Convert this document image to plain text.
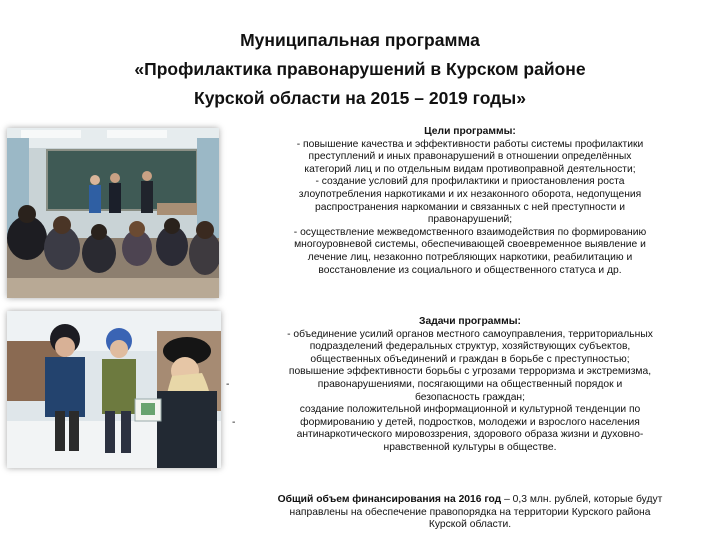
Муниципальная программа
«Профилактика правонарушений в Курском районе
Курской области на 2015 – 2019 годы»
Цели программы:
- повышение качества и эффективности работы системы профилактики
преступлений и иных правонарушений в отношении определённых
категорий лиц и по отдельным видам противоправной деятельности;
- создание условий для профилактики и приостановления роста
злоупотребления наркотиками и их незаконного оборота, недопущения
распространения наркомании и связанных с ней преступности и
правонарушений;
- осуществление межведомственного взаимодействия по формированию
многоуровневой системы, обеспечивающей своевременное выявление и
лечение лиц, незаконно потребляющих наркотики, реабилитацию и
восстановление из социального и общественного статуса и др.
Задачи программы:
- объединение усилий органов местного самоуправления, территориальных
подразделений федеральных структур, хозяйствующих субъектов,
общественных объединений и граждан в борьбе с преступностью;
повышение эффективности борьбы с угрозами терроризма и экстремизма,
правонарушениями, посягающими на общественный порядок и
безопасность граждан;
создание положительной информационной и культурной тенденции по
формированию у детей, подростков, молодежи и взрослого населения
антинаркотического мировоззрения, здорового образа жизни и духовно-
нравственной культуры в обществе.
-
-
Общий объем финансирования на 2016 год – 0,3 млн. рублей, которые будут
направлены на обеспечение правопорядка на территории Курского района
Курской области.
